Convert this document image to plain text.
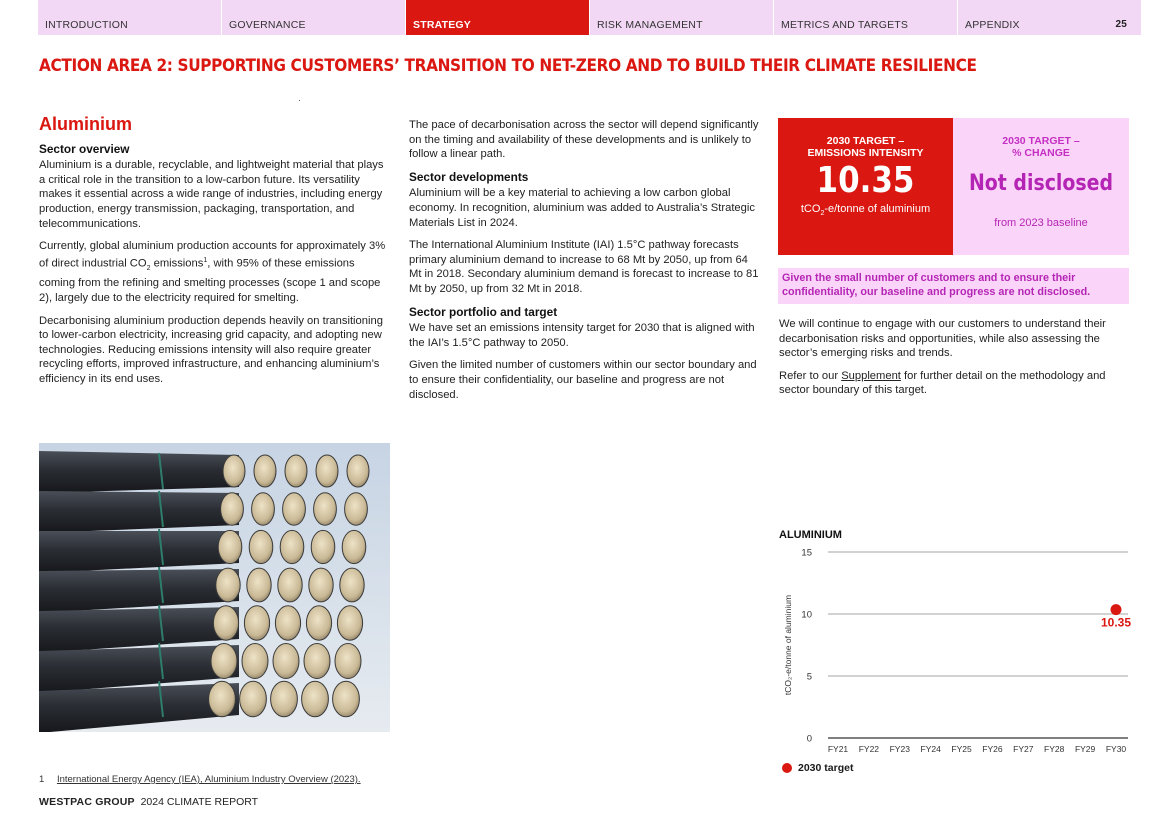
INTRODUCTION	GOVERNANCE	STRATEGY	RISK MANAGEMENT	METRICS AND TARGETS	APPENDIX	25
ACTION AREA 2: SUPPORTING CUSTOMERS’ TRANSITION TO NET-ZERO AND TO BUILD THEIR CLIMATE RESILIENCE
Aluminium
Sector overview

Aluminium is a durable, recyclable, and lightweight material that plays a critical role in the transition to a low-carbon future. Its versatility makes it essential across a wide range of industries, including energy production, energy transmission, packaging, transportation, and telecommunications.

Currently, global aluminium production accounts for approximately 3% of direct industrial $CO_2$ emissions$^1$, with 95% of these emissions coming from the refining and smelting processes (scope 1 and scope 2), largely due to the electricity required for smelting.

Decarbonising aluminium production depends heavily on transitioning to lower-carbon electricity, increasing grid capacity, and adopting new technologies. Reducing emissions intensity will also require greater recycling efforts, improved infrastructure, and enhancing aluminium’s efficiency in its end uses.

The pace of decarbonisation across the sector will depend significantly on the timing and availability of these developments and is unlikely to follow a linear path.

Sector developments

Aluminium will be a key material to achieving a low carbon global economy. In recognition, aluminium was added to Australia’s Strategic Materials List in 2024.

The International Aluminium Institute (IAI) 1.5°C pathway forecasts primary aluminium demand to increase to 68 Mt by 2050, up from 64 Mt in 2018. Secondary aluminium demand is forecast to increase to 81 Mt by 2050, up from 32 Mt in 2018.

Sector portfolio and target

We have set an emissions intensity target for 2030 that is aligned with the IAI’s 1.5°C pathway to 2050.

Given the limited number of customers within our sector boundary and to ensure their confidentiality, our baseline and progress are not disclosed.

2030 TARGET –
EMISSIONS INTENSITY
10.35
tCO$_2$-e/tonne of aluminium
2030 TARGET –
% CHANGE
Not disclosed
from 2023 baseline
Given the small number of customers and to ensure their confidentiality, our baseline and progress are not disclosed.

We will continue to engage with our customers to understand their decarbonisation risks and opportunities, while also assessing the sector’s emerging risks and trends.

Refer to our Supplement for further detail on the methodology and sector boundary of this target.

ALUMINIUM
0
5
10
15
FY21 FY22 FY23 FY24 FY25 FY26 FY27 FY28 FY29 FY30
tCO₂-e/tonne of aluminium	10.35
2030 target
1 International Energy Agency (IEA), Aluminium Industry Overview (2023).
WESTPAC GROUP 2024 CLIMATE REPORT
